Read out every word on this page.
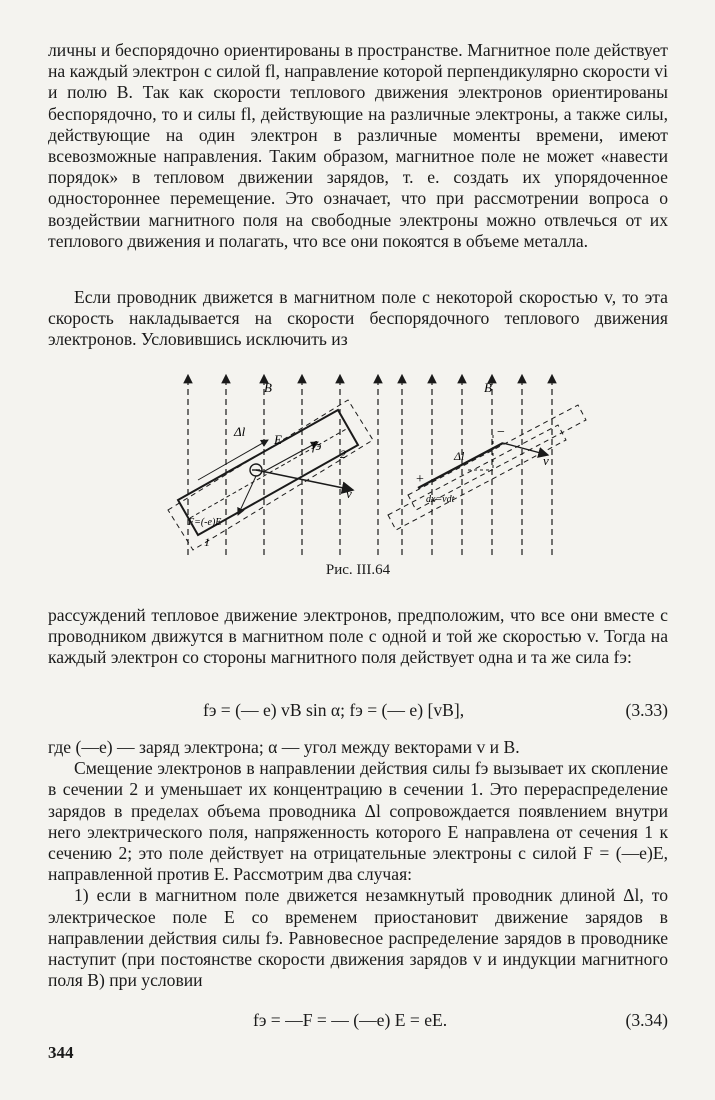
личны и беспорядочно ориентированы в пространстве. Магнитное поле действует на каждый электрон с силой fl, направление которой перпендикулярно скорости vi и полю B. Так как скорости теплового движения электронов ориентированы беспорядочно, то и силы fl, действующие на различные электроны, а также силы, действующие на один электрон в различные моменты времени, имеют всевозможные направления. Таким образом, магнитное поле не может «навести порядок» в тепловом движении зарядов, т. е. создать их упорядоченное одностороннее перемещение. Это означает, что при рассмотрении вопроса о воздействии магнитного поля на свободные электроны можно отвлечься от их теплового движения и полагать, что все они покоятся в объеме металла.

Если проводник движется в магнитном поле с некоторой скоростью v, то эта скорость накладывается на скорости беспорядочного теплового движения электронов. Условившись исключить из

B
Δl
E fэ
v
F=(-e)E
1
2
B
Δl	v
+
−
dx=vdt
Рис. III.64

рассуждений тепловое движение электронов, предположим, что все они вместе с проводником движутся в магнитном поле с одной и той же скоростью v. Тогда на каждый электрон со стороны магнитного поля действует одна и та же сила fэ:

fэ = (— e) vB sin α; fэ = (— e) [vB],	(3.33)

где (—e) — заряд электрона; α — угол между векторами v и B.

Смещение электронов в направлении действия силы fэ вызывает их скопление в сечении 2 и уменьшает их концентрацию в сечении 1. Это перераспределение зарядов в пределах объема проводника Δl сопровождается появлением внутри него электрического поля, напряженность которого E направлена от сечения 1 к сечению 2; это поле действует на отрицательные электроны с силой F = (—e)E, направленной против E. Рассмотрим два случая:

1) если в магнитном поле движется незамкнутый проводник длиной Δl, то электрическое поле E со временем приостановит движение зарядов в направлении действия силы fэ. Равновесное распределение зарядов в проводнике наступит (при постоянстве скорости движения зарядов v и индукции магнитного поля B) при условии

fэ = —F = — (—e) E = eE.	(3.34)
344
